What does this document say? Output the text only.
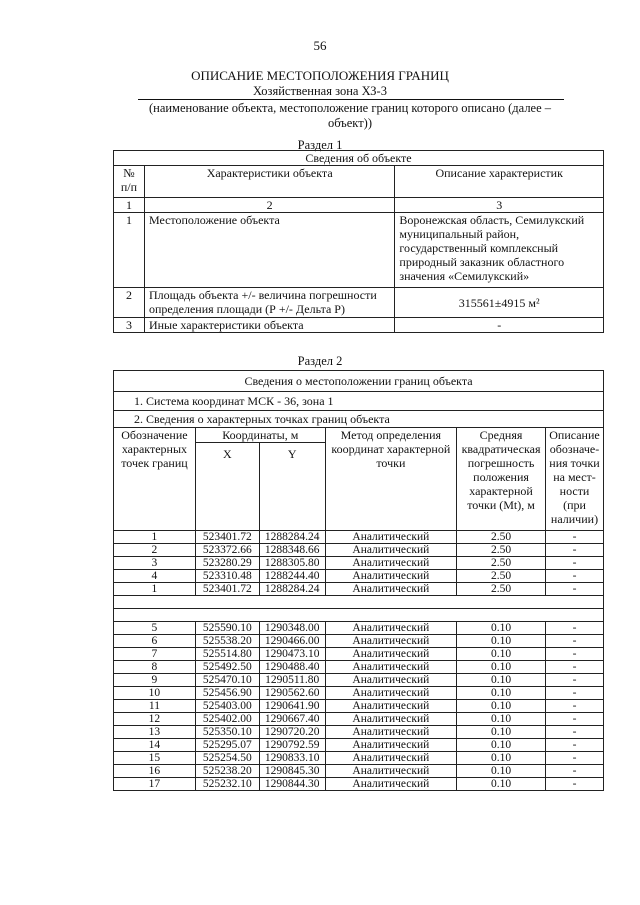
56
ОПИСАНИЕ МЕСТОПОЛОЖЕНИЯ ГРАНИЦ
Хозяйственная зона ХЗ-3
(наименование объекта, местоположение границ которого описано (далее – объект))
Раздел 1
Сведения об объекте		
№ п/п	Характеристики объекта	Описание характеристик
1	2	3
1	Местоположение объекта	Воронежская область, Семилукский муниципальный район, государственный комплексный природный заказник областного значения «Семилукский»
2	Площадь объекта +/- величина погрешности определения площади (Р +/- Дельта Р)	315561±4915 м²
3	Иные характеристики объекта	-
Раздел 2
Сведения о местоположении границ объекта					
1. Система координат МСК - 36, зона 1					
2. Сведения о характерных точках границ объекта					
Обозначение характерных точек границ	Координаты, м		Метод определения координат характерной точки	Средняя квадратическая погрешность положения характерной точки (Mt), м	Описание обозначе-ния точки на мест-ности (при наличии)
	X	Y			
1	523401.72	1288284.24	Аналитический	2.50	-
2	523372.66	1288348.66	Аналитический	2.50	-
3	523280.29	1288305.80	Аналитический	2.50	-
4	523310.48	1288244.40	Аналитический	2.50	-
1	523401.72	1288284.24	Аналитический	2.50	-

5	525590.10	1290348.00	Аналитический	0.10	-
6	525538.20	1290466.00	Аналитический	0.10	-
7	525514.80	1290473.10	Аналитический	0.10	-
8	525492.50	1290488.40	Аналитический	0.10	-
9	525470.10	1290511.80	Аналитический	0.10	-
10	525456.90	1290562.60	Аналитический	0.10	-
11	525403.00	1290641.90	Аналитический	0.10	-
12	525402.00	1290667.40	Аналитический	0.10	-
13	525350.10	1290720.20	Аналитический	0.10	-
14	525295.07	1290792.59	Аналитический	0.10	-
15	525254.50	1290833.10	Аналитический	0.10	-
16	525238.20	1290845.30	Аналитический	0.10	-
17	525232.10	1290844.30	Аналитический	0.10	-
